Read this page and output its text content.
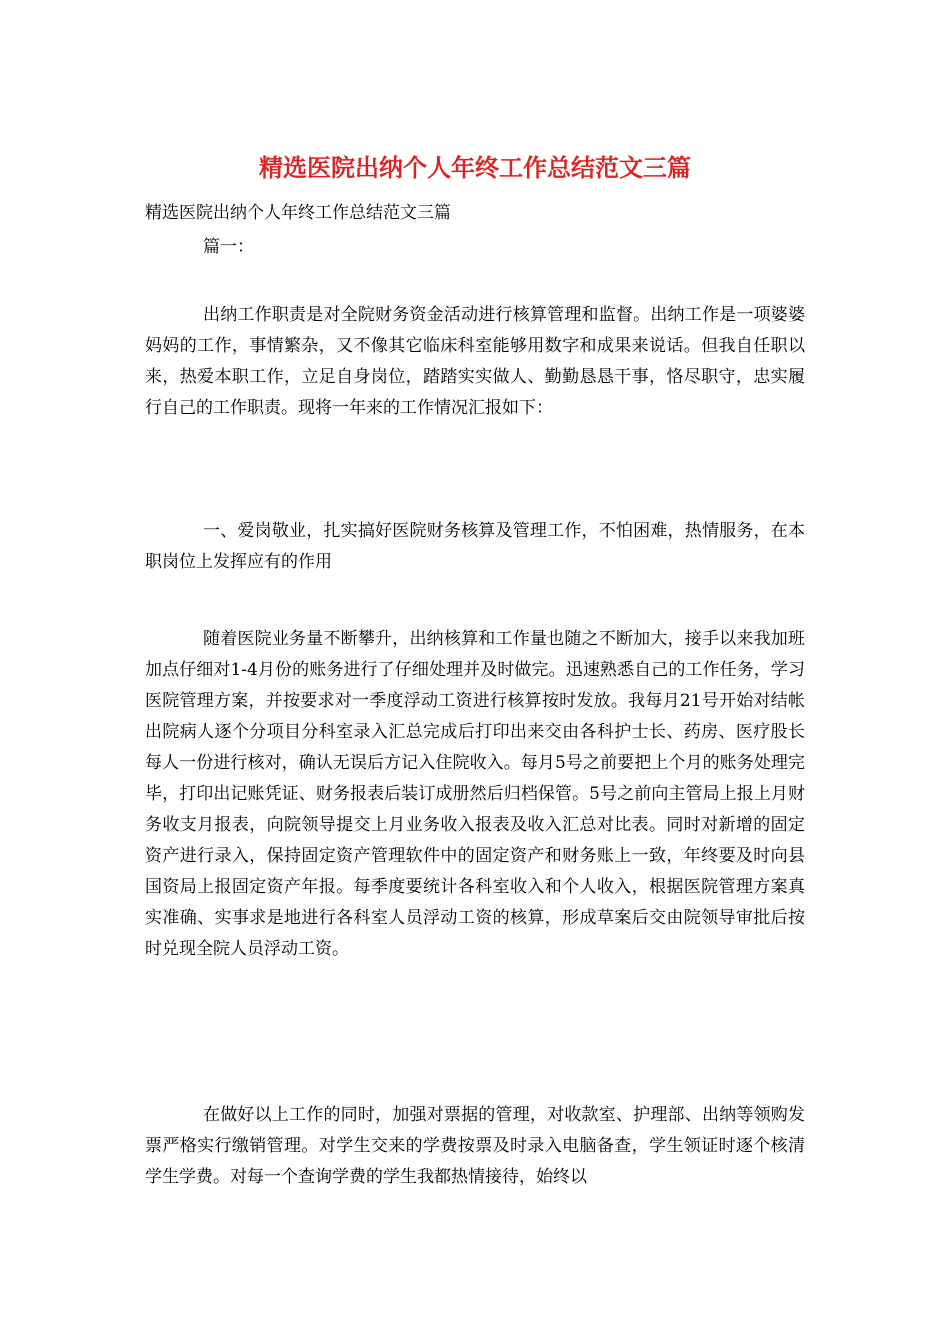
精选医院出纳个人年终工作总结范文三篇
精选医院出纳个人年终工作总结范文三篇
篇一：
出纳工作职责是对全院财务资金活动进行核算管理和监督。出纳工作是一项婆婆妈妈的工作，事情繁杂，又不像其它临床科室能够用数字和成果来说话。但我自任职以来，热爱本职工作，立足自身岗位，踏踏实实做人、勤勤恳恳干事，恪尽职守，忠实履行自己的工作职责。现将一年来的工作情况汇报如下：
一、爱岗敬业，扎实搞好医院财务核算及管理工作，不怕困难，热情服务，在本职岗位上发挥应有的作用
随着医院业务量不断攀升，出纳核算和工作量也随之不断加大，接手以来我加班加点仔细对1-4月份的账务进行了仔细处理并及时做完。迅速熟悉自己的工作任务，学习医院管理方案，并按要求对一季度浮动工资进行核算按时发放。我每月21号开始对结帐出院病人逐个分项目分科室录入汇总完成后打印出来交由各科护士长、药房、医疗股长每人一份进行核对，确认无误后方记入住院收入。每月5号之前要把上个月的账务处理完毕，打印出记账凭证、财务报表后装订成册然后归档保管。5号之前向主管局上报上月财务收支月报表，向院领导提交上月业务收入报表及收入汇总对比表。同时对新增的固定资产进行录入，保持固定资产管理软件中的固定资产和财务账上一致，年终要及时向县国资局上报固定资产年报。每季度要统计各科室收入和个人收入，根据医院管理方案真实准确、实事求是地进行各科室人员浮动工资的核算，形成草案后交由院领导审批后按时兑现全院人员浮动工资。
在做好以上工作的同时，加强对票据的管理，对收款室、护理部、出纳等领购发票严格实行缴销管理。对学生交来的学费按票及时录入电脑备查，学生领证时逐个核清学生学费。对每一个查询学费的学生我都热情接待，始终以
